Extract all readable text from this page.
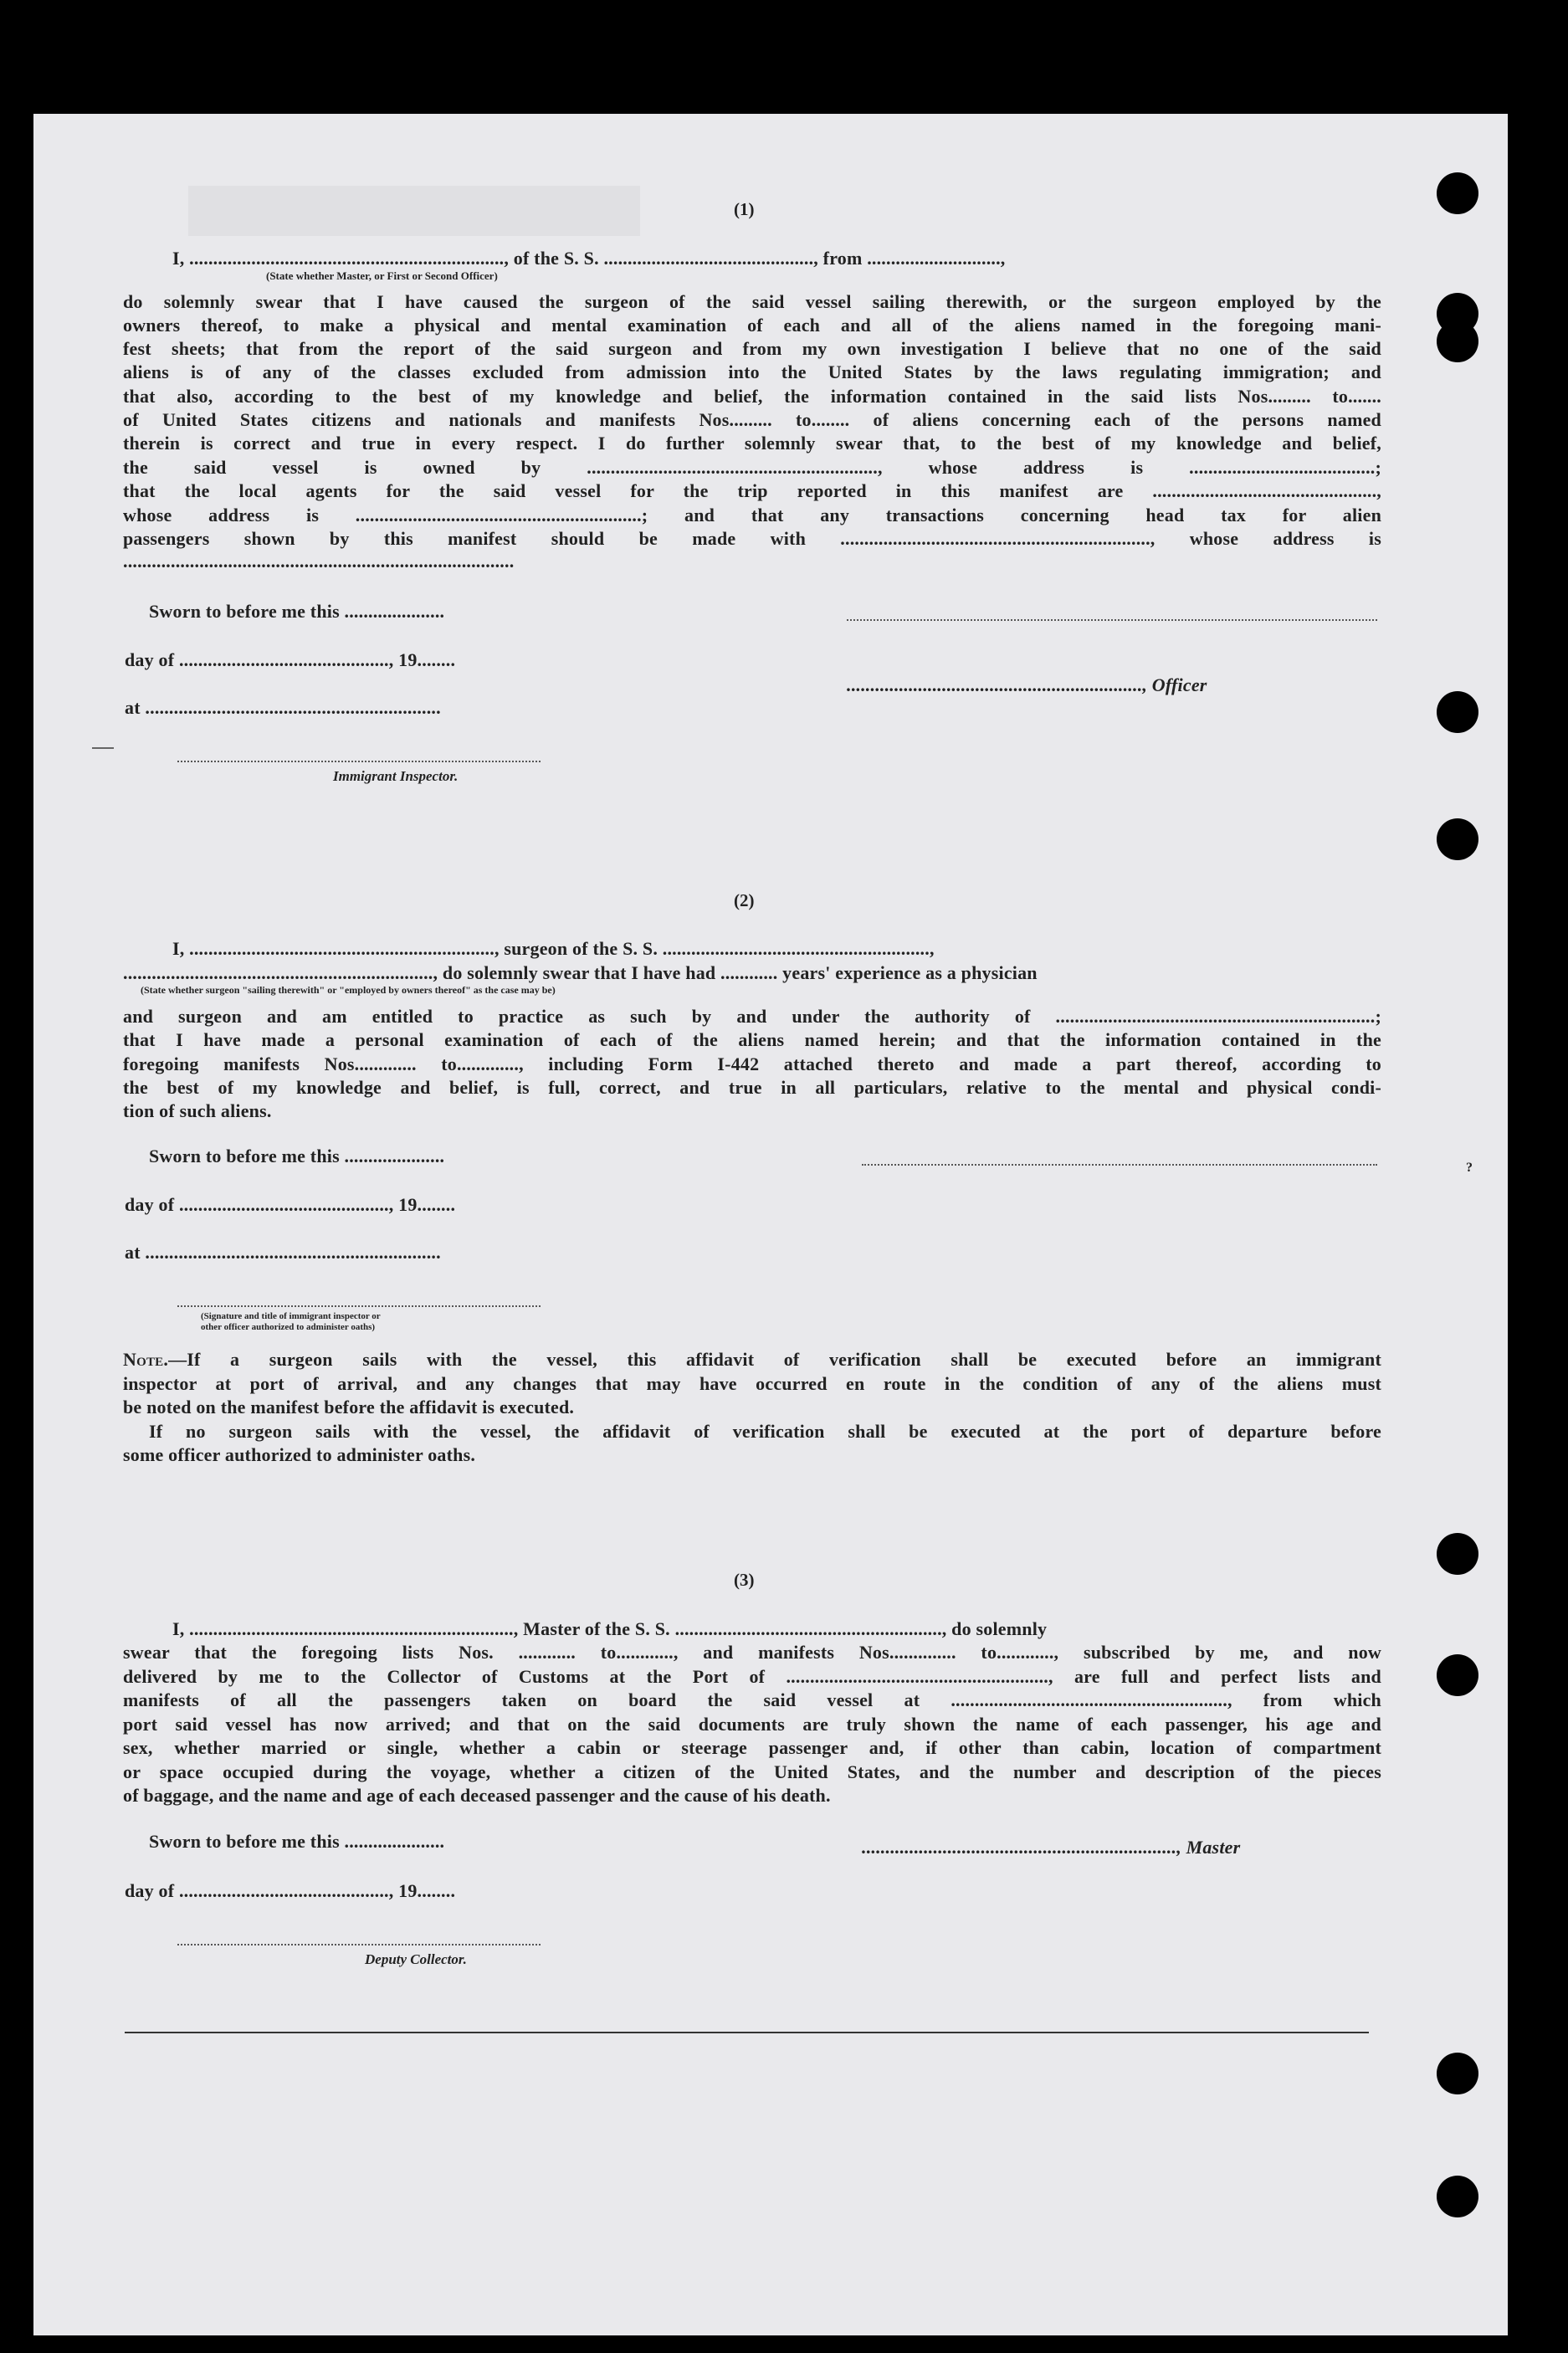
?
(1)
I, .................................................................., of the S. S. ............................................, from ............................,
(State whether Master, or First or Second Officer)
do solemnly swear that I have caused the surgeon of the said vessel sailing therewith, or the surgeon employed by the
owners thereof, to make a physical and mental examination of each and all of the aliens named in the foregoing mani-
fest sheets; that from the report of the said surgeon and from my own investigation I believe that no one of the said
aliens is of any of the classes excluded from admission into the United States by the laws regulating immigration; and
that also, according to the best of my knowledge and belief, the information contained in the said lists Nos......... to.......
of United States citizens and nationals and manifests Nos......... to........ of aliens concerning each of the persons named
therein is correct and true in every respect. I do further solemnly swear that, to the best of my knowledge and belief,
the said vessel is owned by ............................................................., whose address is .......................................;
that the local agents for the said vessel for the trip reported in this manifest are ...............................................,
whose address is ............................................................; and that any transactions concerning head tax for alien
passengers shown by this manifest should be made with ................................................................., whose address is
..................................................................................
Sworn to before me this .....................
day of ............................................, 19........
.............................................................., Officer
at ..............................................................
Immigrant Inspector.
(2)
I, ................................................................, surgeon of the S. S. ........................................................,
................................................................., do solemnly swear that I have had ............ years' experience as a physician
(State whether surgeon "sailing therewith" or "employed by owners thereof" as the case may be)
and surgeon and am entitled to practice as such by and under the authority of ...................................................................;
that I have made a personal examination of each of the aliens named herein; and that the information contained in the
foregoing manifests Nos............. to............., including Form I-442 attached thereto and made a part thereof, according to
the best of my knowledge and belief, is full, correct, and true in all particulars, relative to the mental and physical condi-
tion of such aliens.
Sworn to before me this .....................
day of ............................................, 19........
at ..............................................................
(Signature and title of immigrant inspector or
other officer authorized to administer oaths)
Note.—If a surgeon sails with the vessel, this affidavit of verification shall be executed before an immigrant
inspector at port of arrival, and any changes that may have occurred en route in the condition of any of the aliens must
be noted on the manifest before the affidavit is executed.
If no surgeon sails with the vessel, the affidavit of verification shall be executed at the port of departure before
some officer authorized to administer oaths.
(3)
I, ...................................................................., Master of the S. S. ........................................................, do solemnly
swear that the foregoing lists Nos. ............ to............, and manifests Nos.............. to............, subscribed by me, and now
delivered by me to the Collector of Customs at the Port of ......................................................., are full and perfect lists and
manifests of all the passengers taken on board the said vessel at .........................................................., from which
port said vessel has now arrived; and that on the said documents are truly shown the name of each passenger, his age and
sex, whether married or single, whether a cabin or steerage passenger and, if other than cabin, location of compartment
or space occupied during the voyage, whether a citizen of the United States, and the number and description of the pieces
of baggage, and the name and age of each deceased passenger and the cause of his death.
Sworn to before me this .....................	.................................................................., Master
day of ............................................, 19........
Deputy Collector.
